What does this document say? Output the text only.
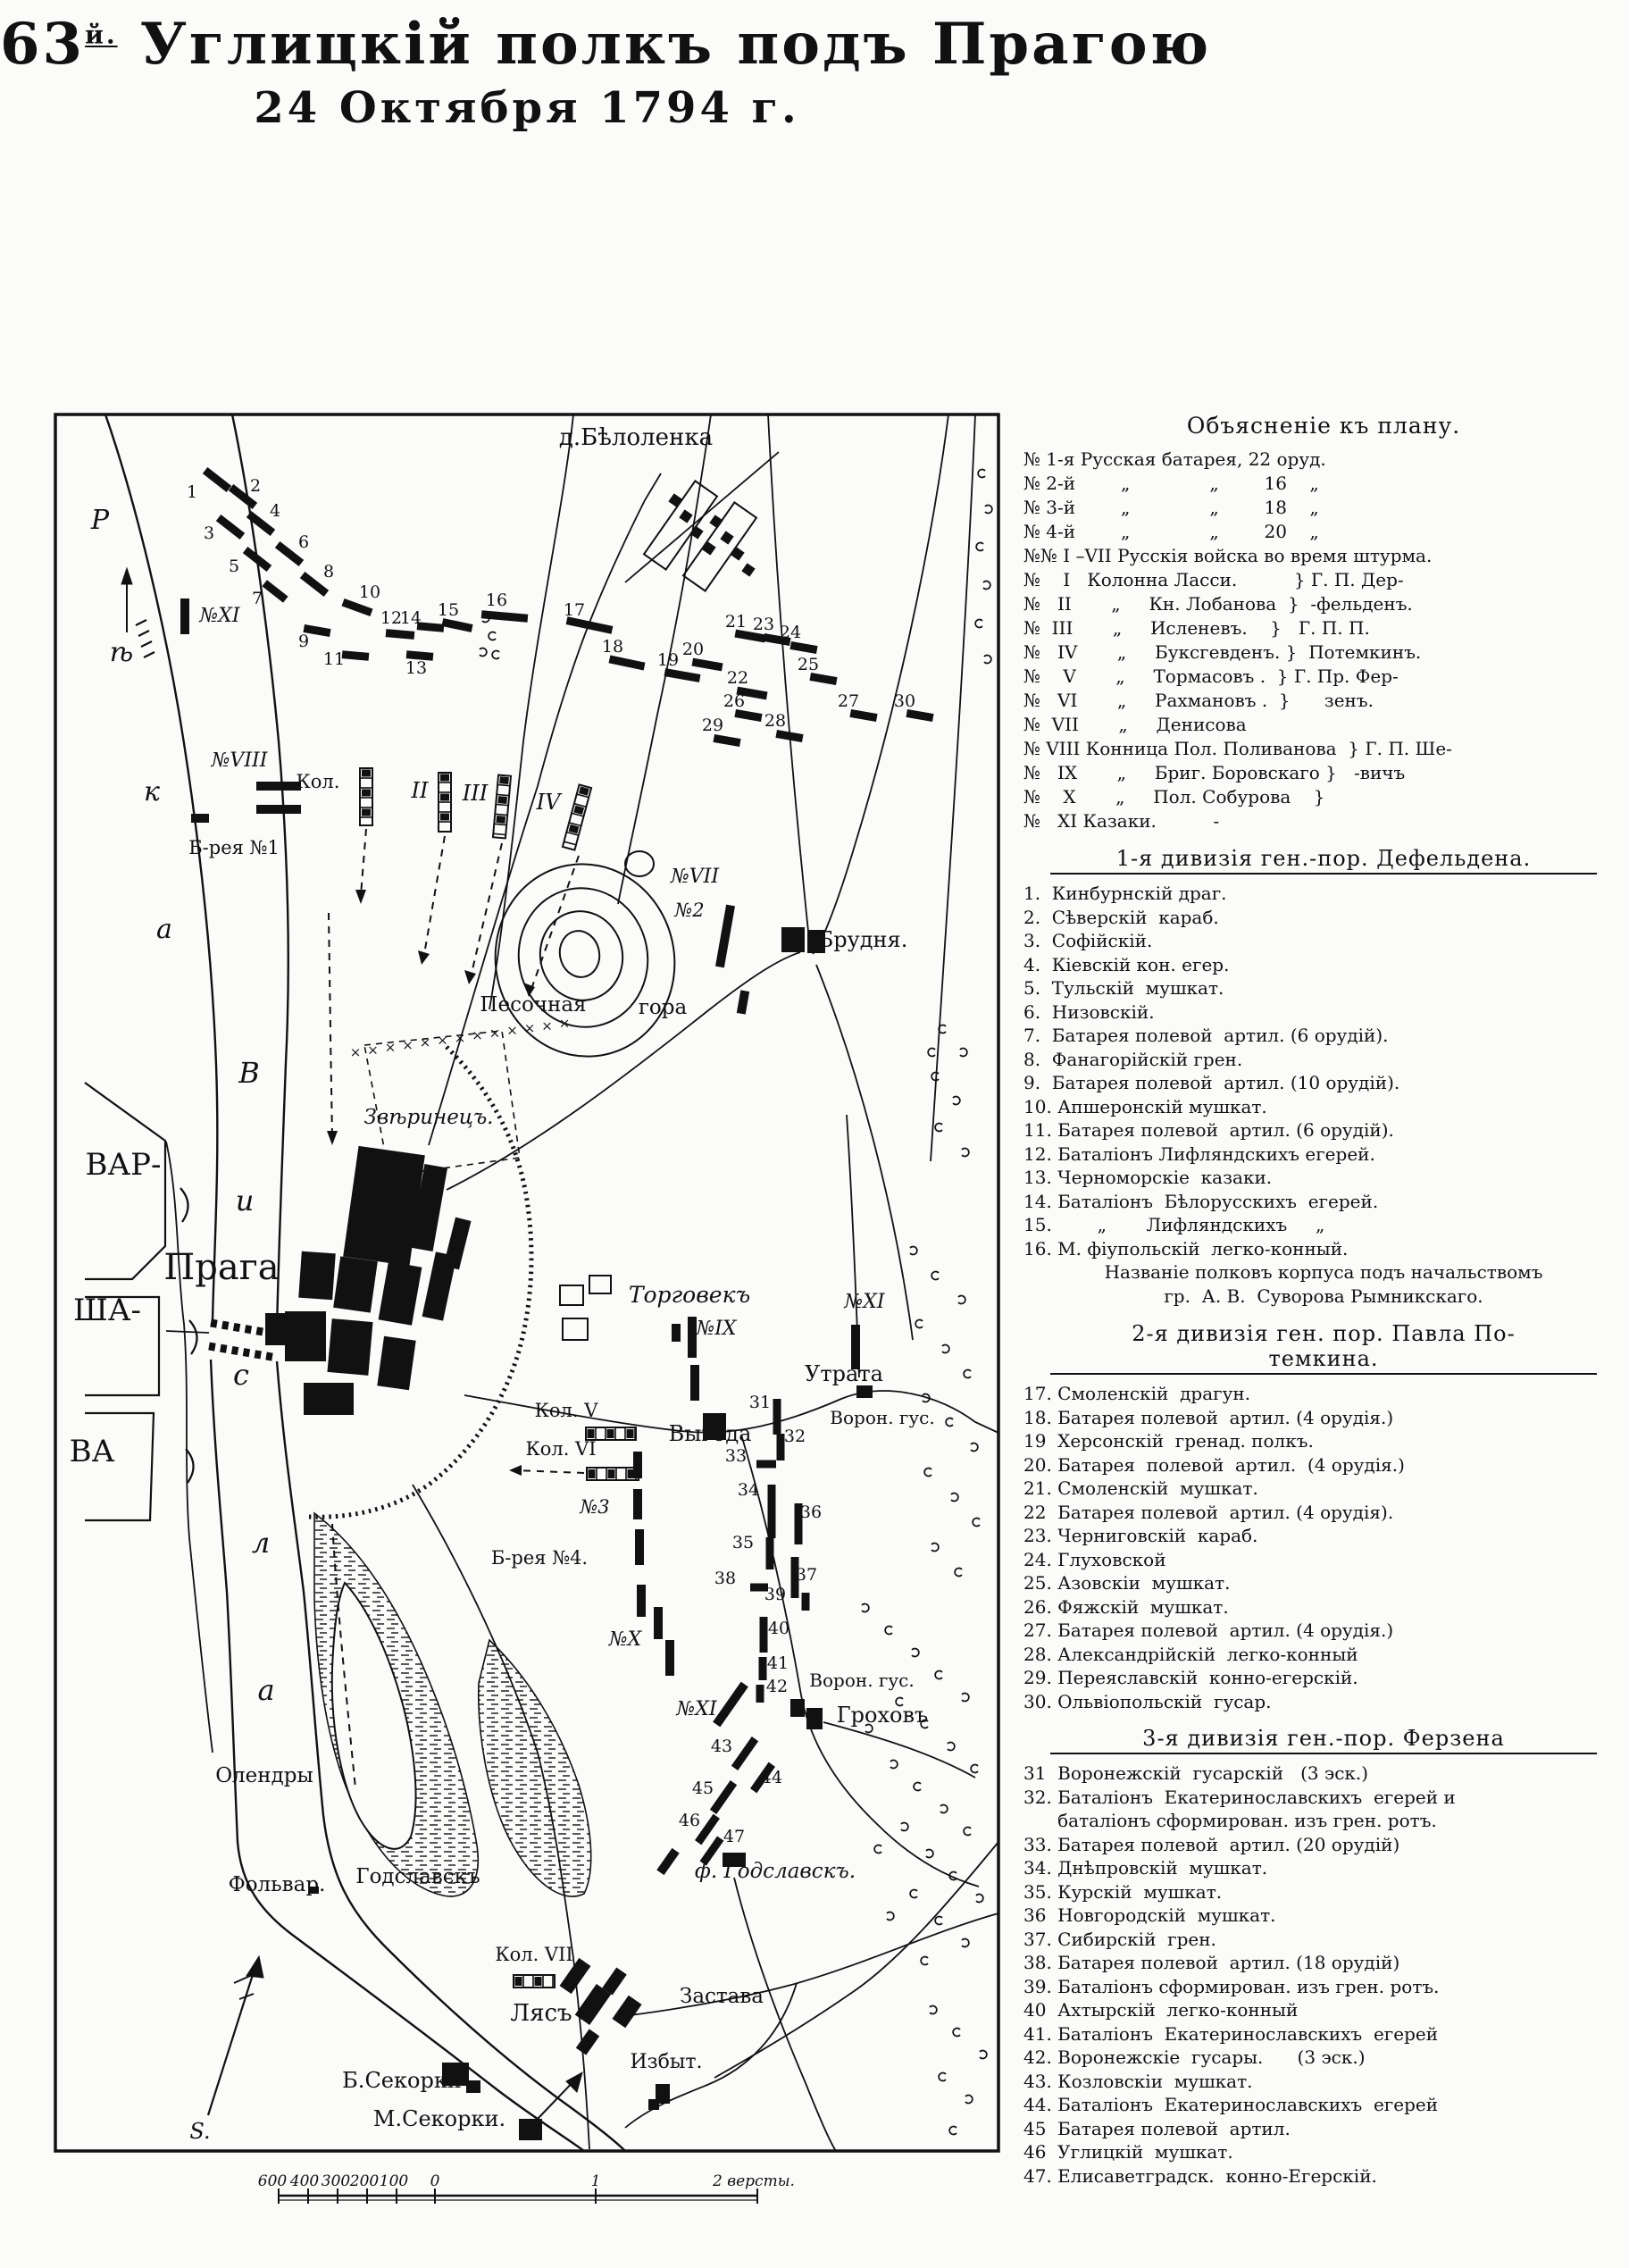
1	2
3
4
5
6
7
8
9
10
11
12
13
14 15 16	17
18
19
20
21
22
23 24
25
26	27
28
29
30
31
32
33
34
35
36
37
38
39
40
41
42
43
44
45
46
47
× × × × × × × × × × × × ×
600 400 300 200 100 0	1	2 версты.
д.Бѣлоленка
Брудня.
Песочная	гора
Звѣринецъ.
Прага
ВАР-
ША-
ВА
Р
ѣ
к
а
В
и
с
л
а
Торговекъ
Выгода
Утрата
Ворон. гус.
Ворон. гус.
Гроховъ
ф. Годславскъ.
Годславскъ
Олендры
Фольвар.
Лясъ
Застава
Избыт.
Б.Секорки
М.Секорки.
Кол.
Б-рея №1
Кол. V
Кол. VI
Кол. VII
Б-рея №4.
№3
№VIII
№VII
№2
№IX
№X
№XI
№XI
№XI
II III IV
S.
$63^{й.}$ Углицкій полкъ подъ Прагою
24 Октября 1794 г.
Объясненіе къ плану.
№ 1-я Русская батарея, 22 оруд.
№ 2-й        „              „        16    „
№ 3-й        „              „        18    „
№ 4-й        „              „        20    „
№№ I –VII Русскія войска во время штурма.
№    I   Колонна Ласси.          } Г. П. Дер-
№   II       „     Кн. Лобанова  }  -фельденъ.
№  III       „     Исленевъ.    }   Г. П. П.
№   IV       „     Буксгевденъ. }  Потемкинъ.
№    V       „     Тормасовъ .  } Г. Пр. Фер-
№   VI       „     Рахмановъ .  }      зенъ.
№  VII       „     Денисова
№ VIII Конница Пол. Поливанова  } Г. П. Ше-
№   IX       „     Бриг. Боровскаго }   -вичъ
№    X       „     Пол. Собурова    }
№   XI Казаки.          -
1-я дивизія ген.-пор. Дефельдена.
1.  Кинбурнскій драг.
2.  Сѣверскій  караб.
3.  Софійскій.
4.  Кіевскій кон. егер.
5.  Тульскій  мушкат.
6.  Низовскій.
7.  Батарея полевой  артил. (6 орудій).
8.  Фанагорійскій грен.
9.  Батарея полевой  артил. (10 орудій).
10. Апшеронскій мушкат.
11. Батарея полевой  артил. (6 орудій).
12. Баталіонъ Лифляндскихъ егерей.
13. Черноморскіе  казаки.
14. Баталіонъ  Бѣлорусскихъ  егерей.
15.        „       Лифляндскихъ     „
16. М. фіупольскій  легко-конный.
Названіе полковъ корпуса подъ начальствомъ
гр.  А. В.  Суворова Рымникскаго.
2-я дивизія ген. пор. Павла По-
темкина.
17. Смоленскій  драгун.
18. Батарея полевой  артил. (4 орудія.)
19  Херсонскій  гренад. полкъ.
20. Батарея  полевой  артил.  (4 орудія.)
21. Смоленскій  мушкат.
22  Батарея полевой  артил. (4 орудія).
23. Черниговскій  караб.
24. Глуховской
25. Азовскіи  мушкат.
26. Фяжскій  мушкат.
27. Батарея полевой  артил. (4 орудія.)
28. Александрійскій  легко-конный
29. Переяславскій  конно-егерскій.
30. Ольвіопольскій  гусар.
3-я дивизія ген.-пор. Ферзена
31  Воронежскій  гусарскій   (3 эск.)
32. Баталіонъ  Екатеринославскихъ  егерей и
баталіонъ сформирован. изъ грен. ротъ.
33. Батарея полевой  артил. (20 орудій)
34. Днѣпровскій  мушкат.
35. Курскій  мушкат.
36  Новгородскій  мушкат.
37. Сибирскій  грен.
38. Батарея полевой  артил. (18 орудій)
39. Баталіонъ сформирован. изъ грен. ротъ.
40  Ахтырскій  легко-конный
41. Баталіонъ  Екатеринославскихъ  егерей
42. Воронежскіе  гусары.      (3 эск.)
43. Козловскіи  мушкат.
44. Баталіонъ  Екатеринославскихъ  егерей
45  Батарея полевой  артил.
46  Углицкій  мушкат.
47. Елисаветградск.  конно-Егерскій.
